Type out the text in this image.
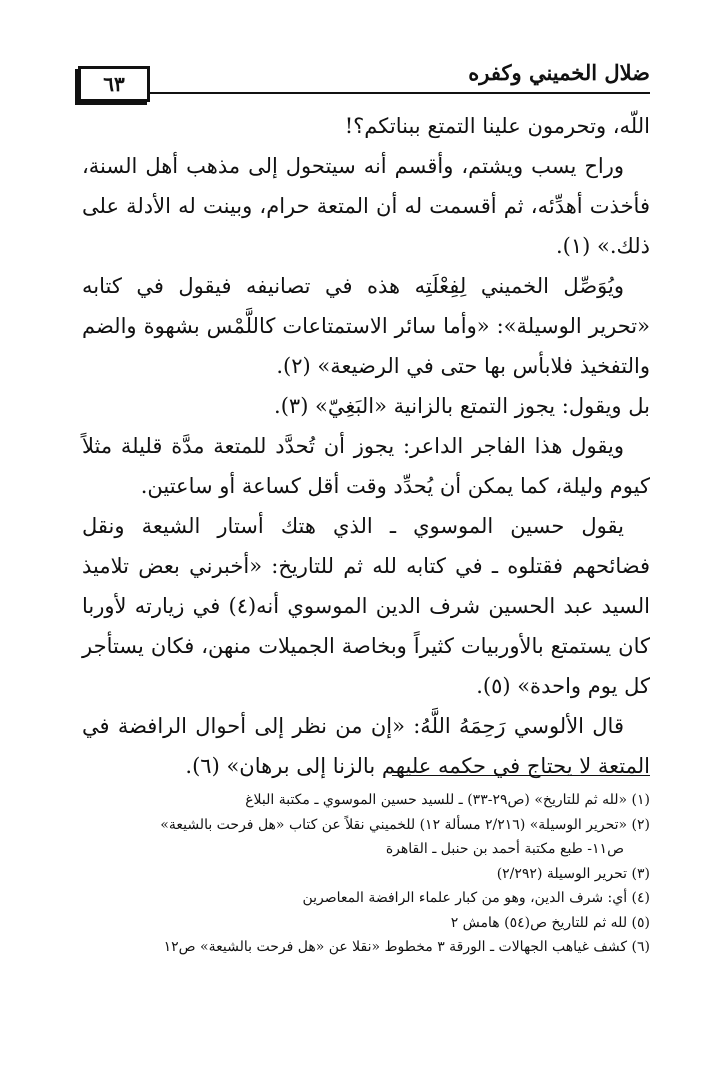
ضلال الخميني وكفره
٦٣

اللّه، وتحرمون علينا التمتع ببناتكم؟!

وراح يسب ويشتم، وأقسم أنه سيتحول إلى مذهب أهل السنة، فأخذت أهدِّئه، ثم أقسمت له أن المتعة حرام، وبينت له الأدلة على ذلك.» (١).

ويُوَصِّل الخميني لِفِعْلَتِه هذه في تصانيفه فيقول في كتابه «تحرير الوسيلة»: «وأما سائر الاستمتاعات كاللَّمْس بشهوة والضم والتفخيذ فلابأس بها حتى في الرضيعة» (٢).

بل ويقول: يجوز التمتع بالزانية «البَغِيّ» (٣).

ويقول هذا الفاجر الداعر: يجوز أن تُحدَّد للمتعة مدَّة قليلة مثلاً كيوم وليلة، كما يمكن أن يُحدِّد وقت أقل كساعة أو ساعتين.

يقول حسين الموسوي ـ الذي هتك أستار الشيعة ونقل فضائحهم فقتلوه ـ في كتابه لله ثم للتاريخ: «أخبرني بعض تلاميذ السيد عبد الحسين شرف الدين الموسوي أنه(٤) في زيارته لأوربا كان يستمتع بالأوربيات كثيراً وبخاصة الجميلات منهن، فكان يستأجر كل يوم واحدة» (٥).

قال الألوسي رَحِمَهُ اللَّهُ: «إن من نظر إلى أحوال الرافضة في المتعة لا يحتاج في حكمه عليهم بالزنا إلى برهان» (٦).

(١) «لله ثم للتاريخ» (ص٢٩-٣٣) ـ للسيد حسين الموسوي ـ مكتبة البلاغ

(٢) «تحرير الوسيلة» (٢/٢١٦ مسألة ١٢) للخميني نقلاً عن كتاب «هل فرحت بالشيعة»

ص١١- طبع مكتبة أحمد بن حنبل ـ القاهرة

(٣) تحرير الوسيلة (٢/٢٩٢)

(٤) أي: شرف الدين، وهو من كبار علماء الرافضة المعاصرين

(٥) لله ثم للتاريخ ص(٥٤) هامش ٢

(٦) كشف غياهب الجهالات ـ الورقة ٣ مخطوط «نقلا عن «هل فرحت بالشيعة» ص١٢
